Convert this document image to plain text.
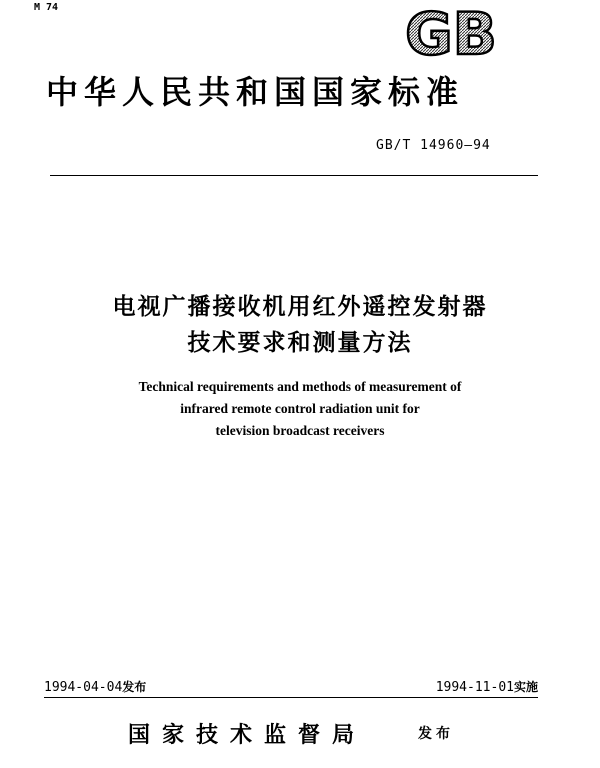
M 74	GB
中华人民共和国国家标准
GB/T 14960—94
电视广播接收机用红外遥控发射器
技术要求和测量方法
Technical requirements and methods of measurement of
infrared remote control radiation unit for
television broadcast receivers
1994-04-04发布	1994-11-01实施
国家技术监督局	发布
